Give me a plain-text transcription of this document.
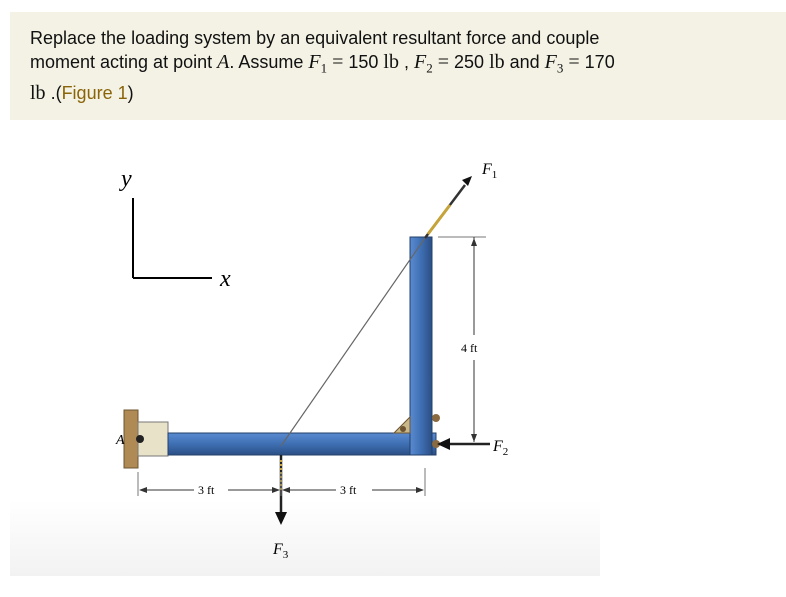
Replace the loading system by an equivalent resultant force and couple
moment acting at point A. Assume $F_1 = 150$ lb , $F_2 = 250$ lb and $F_3 = 170$
lb .(Figure 1)
y
x
A
$F_1$
$F_2$
$F_3$
4 ft
3 ft	3 ft
